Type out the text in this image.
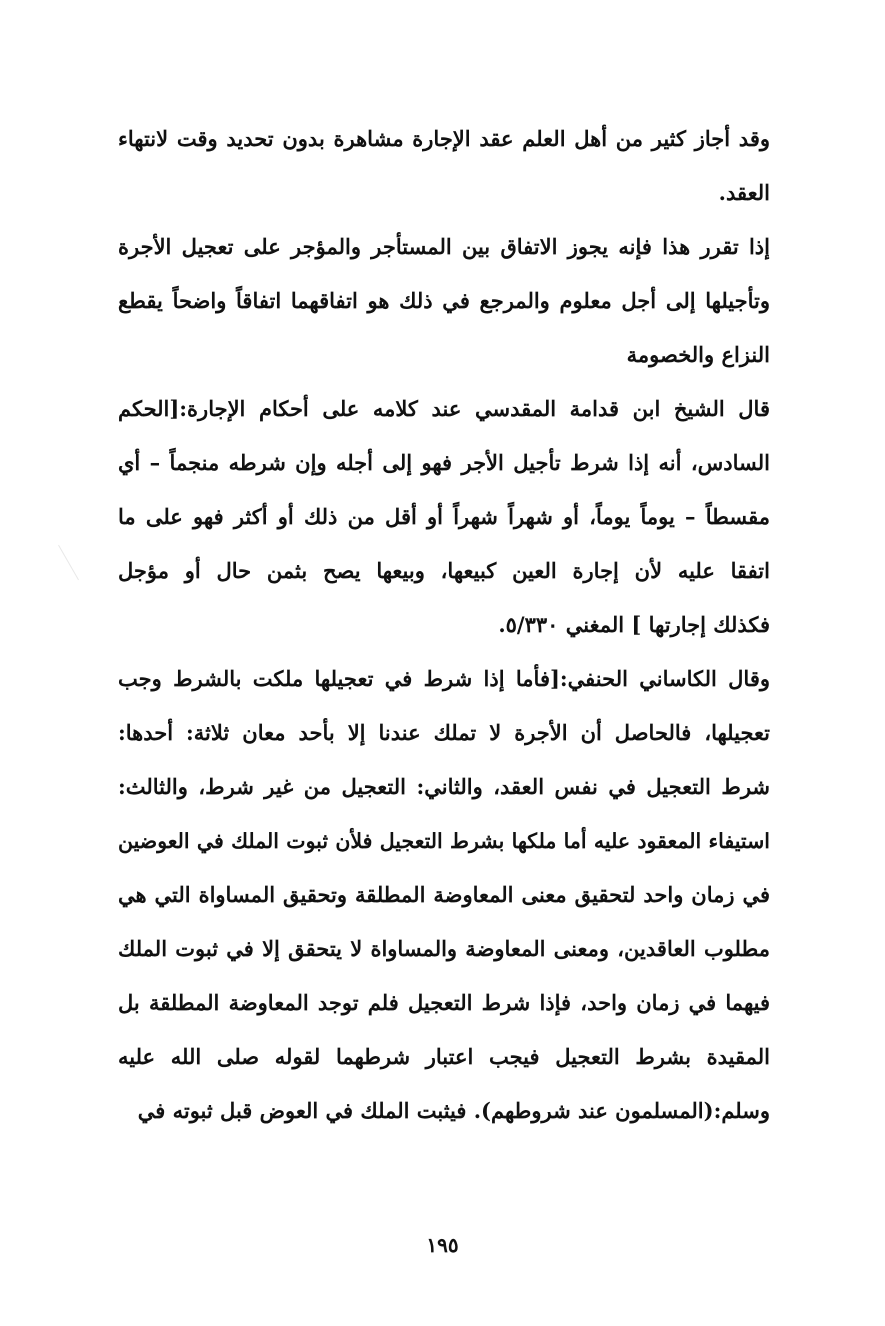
وقد أجاز كثير من أهل العلم عقد الإجارة مشاهرة بدون تحديد وقت لانتهاء
العقد.
إذا تقرر هذا فإنه يجوز الاتفاق بين المستأجر والمؤجر على تعجيل الأجرة
وتأجيلها إلى أجل معلوم والمرجع في ذلك هو اتفاقهما اتفاقاً واضحاً يقطع
النزاع والخصومة
قال الشيخ ابن قدامة المقدسي عند كلامه على أحكام الإجارة:[الحكم
السادس، أنه إذا شرط تأجيل الأجر فهو إلى أجله وإن شرطه منجماً – أي
مقسطاً – يوماً يوماً، أو شهراً شهراً أو أقل من ذلك أو أكثر فهو على ما
اتفقا عليه لأن إجارة العين كبيعها، وبيعها يصح بثمن حال أو مؤجل
فكذلك إجارتها ] المغني ٥/٣٣٠.
وقال الكاساني الحنفي:[فأما إذا شرط في تعجيلها ملكت بالشرط وجب
تعجيلها، فالحاصل أن الأجرة لا تملك عندنا إلا بأحد معان ثلاثة: أحدها:
شرط التعجيل في نفس العقد، والثاني: التعجيل من غير شرط، والثالث:
استيفاء المعقود عليه أما ملكها بشرط التعجيل فلأن ثبوت الملك في العوضين
في زمان واحد لتحقيق معنى المعاوضة المطلقة وتحقيق المساواة التي هي
مطلوب العاقدين، ومعنى المعاوضة والمساواة لا يتحقق إلا في ثبوت الملك
فيهما في زمان واحد، فإذا شرط التعجيل فلم توجد المعاوضة المطلقة بل
المقيدة بشرط التعجيل فيجب اعتبار شرطهما لقوله صلى الله عليه
وسلم:(المسلمون عند شروطهم). فيثبت الملك في العوض قبل ثبوته في
١٩٥
